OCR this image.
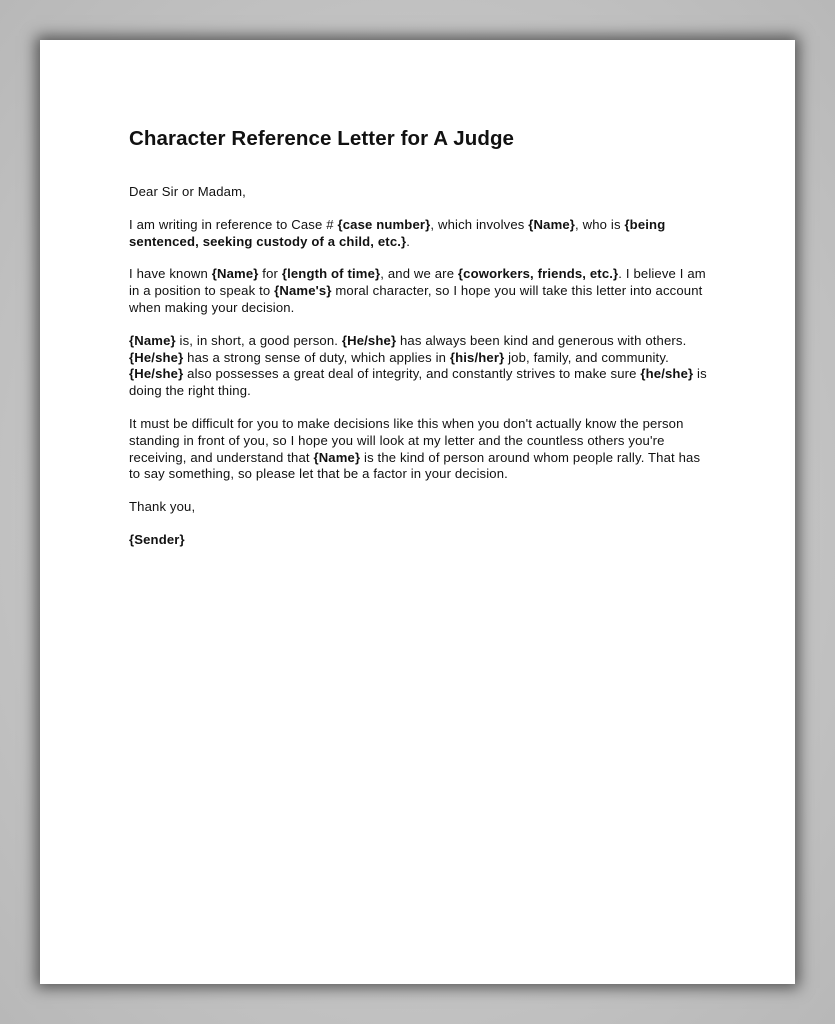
Character Reference Letter for A Judge

Dear Sir or Madam,

I am writing in reference to Case # {case number}, which involves {Name}, who is {being sentenced, seeking custody of a child, etc.}.

I have known {Name} for {length of time}, and we are {coworkers, friends, etc.}. I believe I am in a position to speak to {Name's} moral character, so I hope you will take this letter into account when making your decision.

{Name} is, in short, a good person. {He/she} has always been kind and generous with others. {He/she} has a strong sense of duty, which applies in {his/her} job, family, and community. {He/she} also possesses a great deal of integrity, and constantly strives to make sure {he/she} is doing the right thing.

It must be difficult for you to make decisions like this when you don't actually know the person standing in front of you, so I hope you will look at my letter and the countless others you're receiving, and understand that {Name} is the kind of person around whom people rally. That has to say something, so please let that be a factor in your decision.

Thank you,

{Sender}
